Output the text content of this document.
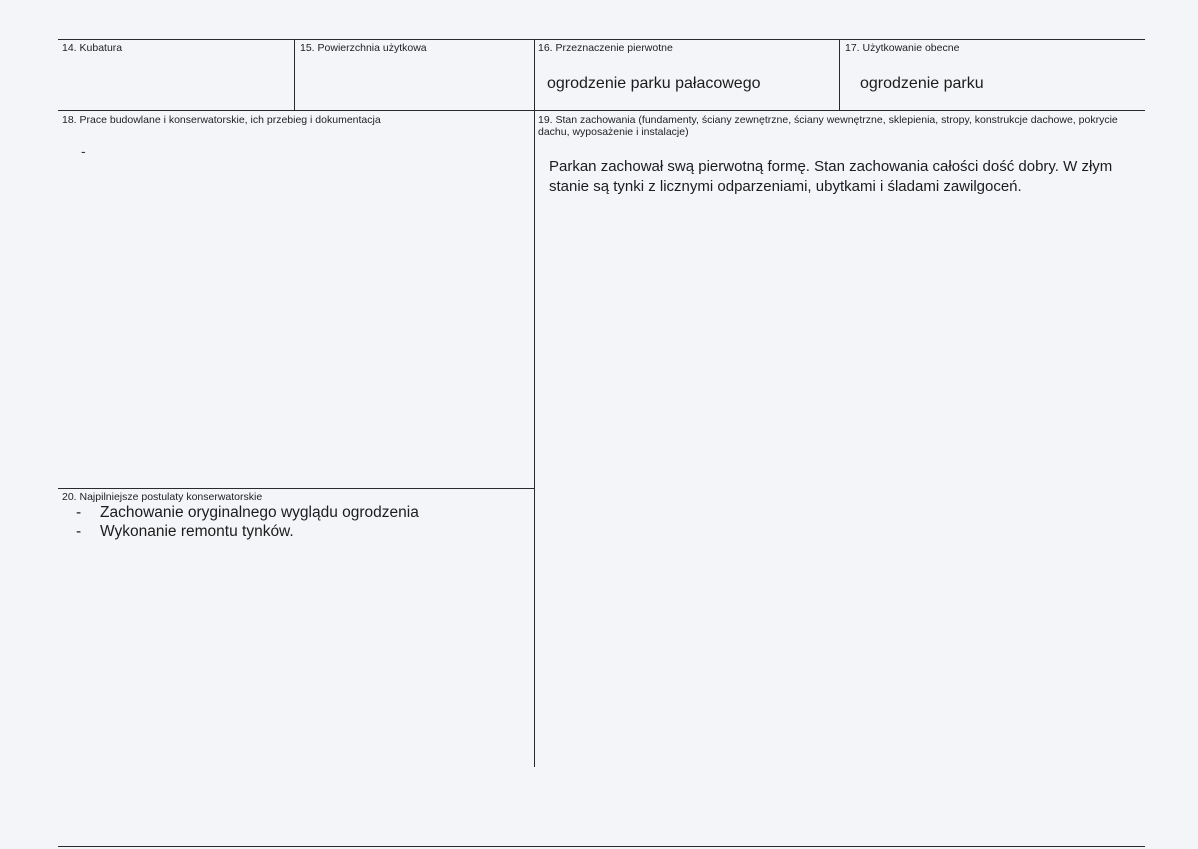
14. Kubatura	15. Powierzchnia użytkowa	16. Przeznaczenie pierwotne
ogrodzenie parku pałacowego
17. Użytkowanie obecne
ogrodzenie parku
18. Prace budowlane i konserwatorskie, ich przebieg i dokumentacja
-
19. Stan zachowania (fundamenty, ściany zewnętrzne, ściany wewnętrzne, sklepienia, stropy, konstrukcje dachowe, pokrycie dachu, wyposażenie i instalacje)
Parkan zachował swą pierwotną formę. Stan zachowania całości dość dobry. W złym stanie są tynki z licznymi odparzeniami, ubytkami i śladami zawilgoceń.
20. Najpilniejsze postulaty konserwatorskie
- Zachowanie oryginalnego wyglądu ogrodzenia
- Wykonanie remontu tynków.
